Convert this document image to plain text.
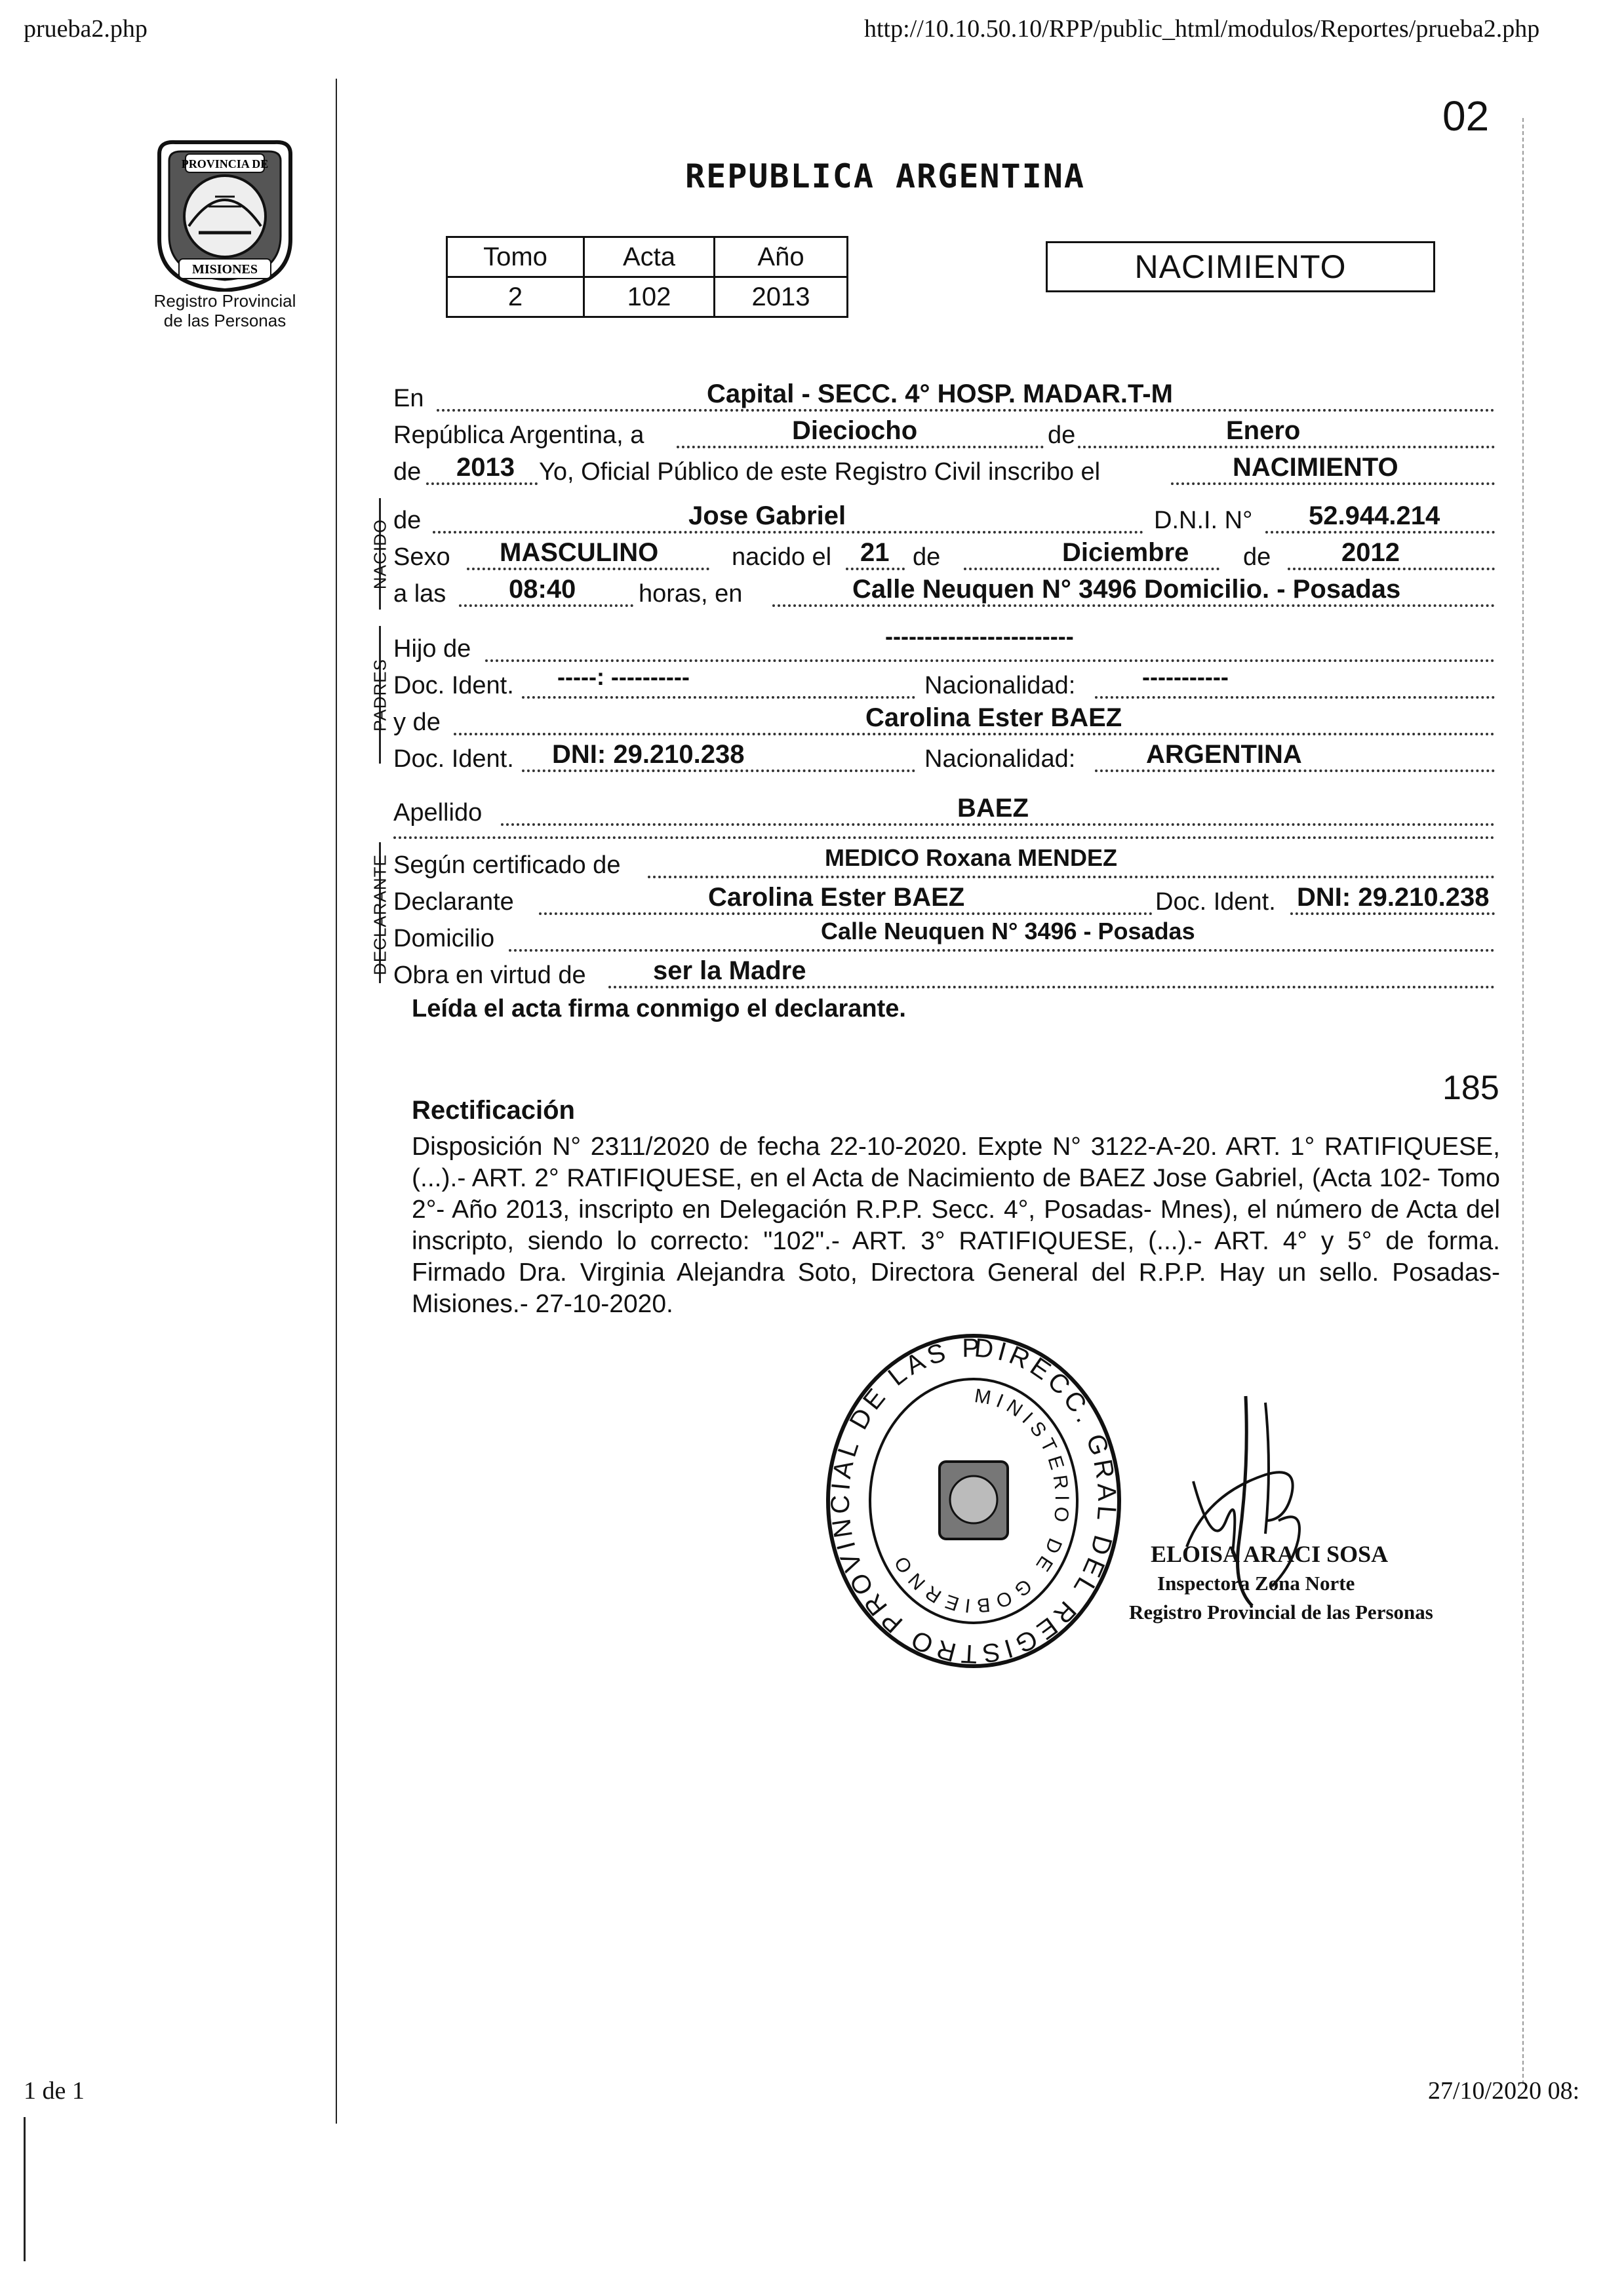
prueba2.php	http://10.10.50.10/RPP/public_html/modulos/Reportes/prueba2.php
02
PROVINCIA DE
MISIONES
Registro Provincial
de las Personas
REPUBLICA ARGENTINA
Tomo	Acta	Año
2	102	2013
NACIMIENTO
NACIDO
PADRES
DECLARANTE
En	Capital - SECC. 4° HOSP. MADAR.T-M
República Argentina, a	Dieciocho	de	Enero
de 2013 Yo, Oficial Público de este Registro Civil inscribo el	NACIMIENTO
de	Jose Gabriel	D.N.I. N° 52.944.214
Sexo MASCULINO	nacido el 21 de	Diciembre de	2012
a las 08:40	horas, en	Calle Neuquen N° 3496 Domicilio. - Posadas
Hijo de	------------------------
Doc. Ident. -----: ----------	Nacionalidad:	-----------
y de	Carolina Ester BAEZ
Doc. Ident. DNI: 29.210.238	Nacionalidad:	ARGENTINA
Apellido	BAEZ
Según certificado de	MEDICO Roxana MENDEZ
Declarante	Carolina Ester BAEZ	Doc. Ident. DNI: 29.210.238
Domicilio	Calle Neuquen N° 3496 - Posadas
Obra en virtud de	ser la Madre
Leída el acta firma conmigo el declarante.
185
Rectificación
Disposición N° 2311/2020 de fecha 22-10-2020. Expte N° 3122-A-20. ART. 1° RATIFIQUESE, (...).- ART. 2° RATIFIQUESE, en el Acta de Nacimiento de BAEZ Jose Gabriel, (Acta 102- Tomo 2°- Año 2013, inscripto en Delegación R.P.P. Secc. 4°, Posadas- Mnes), el número de Acta del inscripto, siendo lo correcto: "102".- ART. 3° RATIFIQUESE, (...).- ART. 4° y 5° de forma. Firmado Dra. Virginia Alejandra Soto, Directora General del R.P.P. Hay un sello. Posadas- Misiones.- 27-10-2020.
DIRECC. GRAL DEL REGISTRO PROVINCIAL DE LAS P
MINISTERIO DE GOBIERNO	ELOISA ARACI SOSA
Inspectora Zona Norte
Registro Provincial de las Personas
1 de 1	27/10/2020 08:
